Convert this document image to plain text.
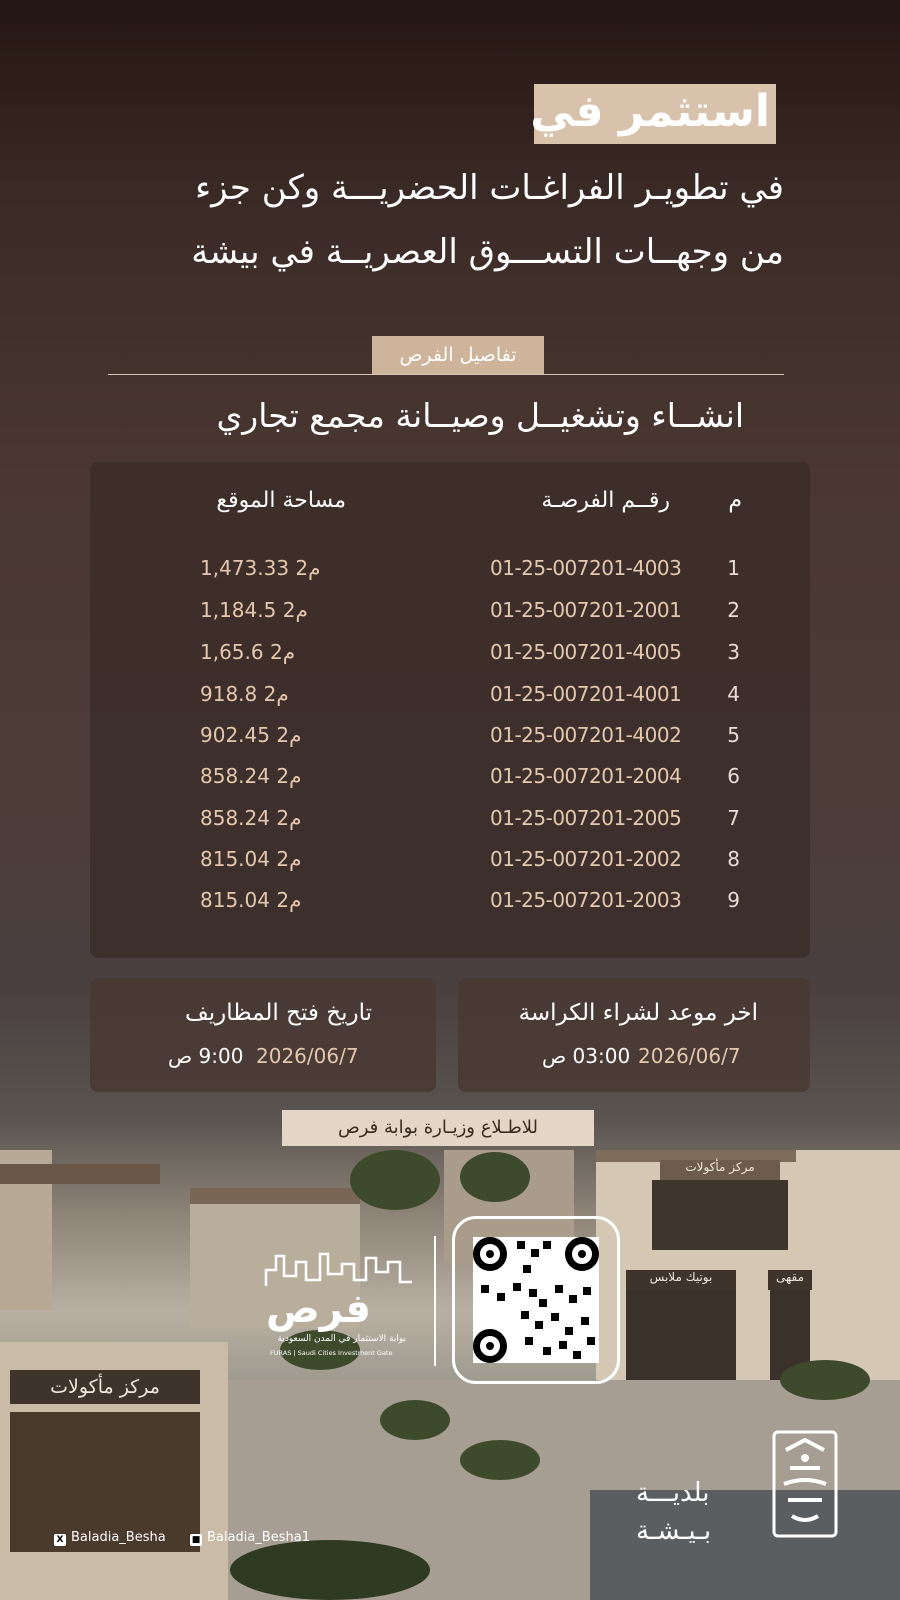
استثمر في
في تطويـر الفراغـات الحضريـــة وكن جزء
من وجهــات التســـوق العصريــة في بيشة
تفاصيل الفرص
انشــاء وتشغيــل وصيــانة مجمع تجاري
م
رقــم الفرصـة
مساحة الموقع
1
01-25-007201-4003
1,473.33 م2
2
01-25-007201-2001
1,184.5 م2
3
01-25-007201-4005
1,65.6 م2
4
01-25-007201-4001
918.8 م2
5
01-25-007201-4002
902.45 م2
6
01-25-007201-2004
858.24 م2
7
01-25-007201-2005
858.24 م2
8
01-25-007201-2002
815.04 م2
9
01-25-007201-2003
815.04 م2
تاريخ فتح المظاريف
2026/06/7
9:00 ص
اخر موعد لشراء الكراسة
2026/06/7
03:00 ص
للاطـلاع وزيـارة بوابة فرص
مركز مأكولات
بوتيك ملابس	مقهى
مركز مأكولات
فرص
بوابة الاستثمار في المدن السعودية
FURAS | Saudi Cities Investment Gate
بلديـــة
بـيـشـة
X Baladia_Besha	■ Baladia_Besha1
